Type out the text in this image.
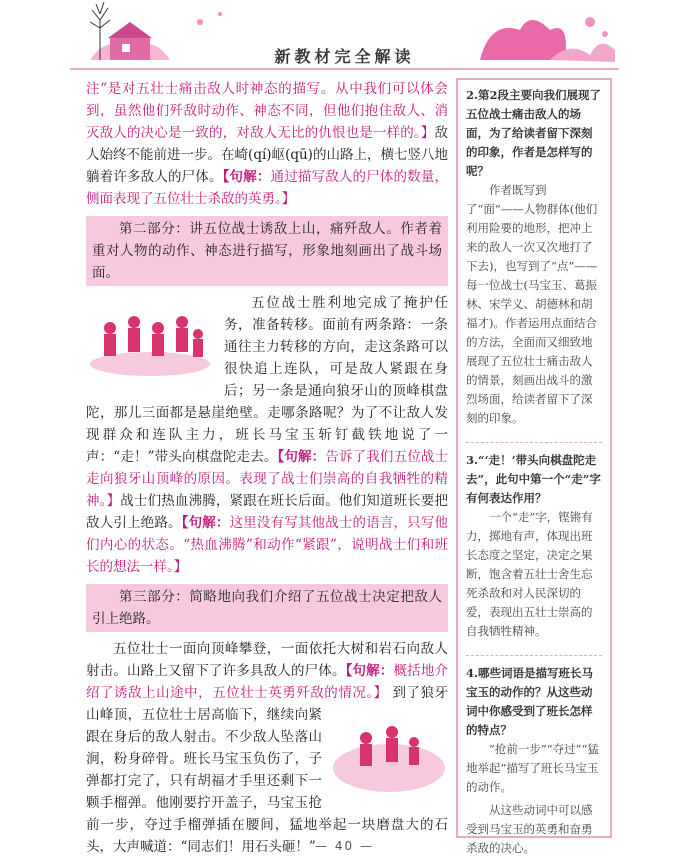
新教材完全解读

注”是对五壮士痛击敌人时神态的描写。从中我们可以体会到，虽然他们歼敌时动作、神态不同，但他们抱住敌人、消灭敌人的决心是一致的，对敌人无比的仇恨也是一样的。】敌人始终不能前进一步。在崎(qí)岖(qū)的山路上，横七竖八地躺着许多敌人的尸体。【句解：通过描写敌人的尸体的数量，侧面表现了五位壮士杀敌的英勇。】

第二部分：讲五位战士诱敌上山，痛歼敌人。作者着重对人物的动作、神态进行描写，形象地刻画出了战斗场面。

五位战士胜利地完成了掩护任务，准备转移。面前有两条路：一条通往主力转移的方向，走这条路可以很快追上连队，可是敌人紧跟在身后；另一条是通向狼牙山的顶峰棋盘陀，那儿三面都是悬崖绝壁。走哪条路呢？为了不让敌人发现群众和连队主力，班长马宝玉斩钉截铁地说了一声：“走！”带头向棋盘陀走去。【句解：告诉了我们五位战士走向狼牙山顶峰的原因。表现了战士们崇高的自我牺牲的精神。】战士们热血沸腾，紧跟在班长后面。他们知道班长要把敌人引上绝路。【句解：这里没有写其他战士的语言，只写他们内心的状态。“热血沸腾”和动作“紧跟”，说明战士们和班长的想法一样。】

第三部分：简略地向我们介绍了五位战士决定把敌人引上绝路。

五位壮士一面向顶峰攀登，一面依托大树和岩石向敌人射击。山路上又留下了许多具敌人的尸体。【句解：概括地介绍了诱敌上山途中，五位壮士英勇歼敌的情况。】 到了狼牙山峰顶，五位壮士居高临下，继续向紧跟在身后的敌人射击。不少敌人坠落山涧，粉身碎骨。班长马宝玉负伤了，子弹都打完了，只有胡福才手里还剩下一颗手榴弹。他刚要拧开盖子，马宝玉抢前一步，夺过手榴弹插在腰间，猛地举起一块磨盘大的石头，大声喊道：“同志们！用石头砸！”

2.第2段主要向我们展现了五位战士痛击敌人的场面，为了给读者留下深刻的印象，作者是怎样写的呢？
作者既写到了“面”——人物群体(他们利用险要的地形，把冲上来的敌人一次又次地打了下去)，也写到了“点”——每一位战士(马宝玉、葛振林、宋学义、胡德林和胡福才)。作者运用点面结合的方法，全面而又细致地展现了五位壮士痛击敌人的情景，刻画出战斗的激烈场面，给读者留下了深刻的印象。
3.“‘走！’带头向棋盘陀走去”，此句中第一个“走”字有何表达作用？
一个“走”字，铿锵有力，掷地有声，体现出班长态度之坚定，决定之果断，饱含着五壮士舍生忘死杀敌和对人民深切的爱，表现出五壮士崇高的自我牺牲精神。
4.哪些词语是描写班长马宝玉的动作的？从这些动词中你感受到了班长怎样的特点？
“抢前一步”“夺过”“猛地举起”描写了班长马宝玉的动作。
从这些动词中可以感受到马宝玉的英勇和奋勇杀敌的决心。
— 40 —
